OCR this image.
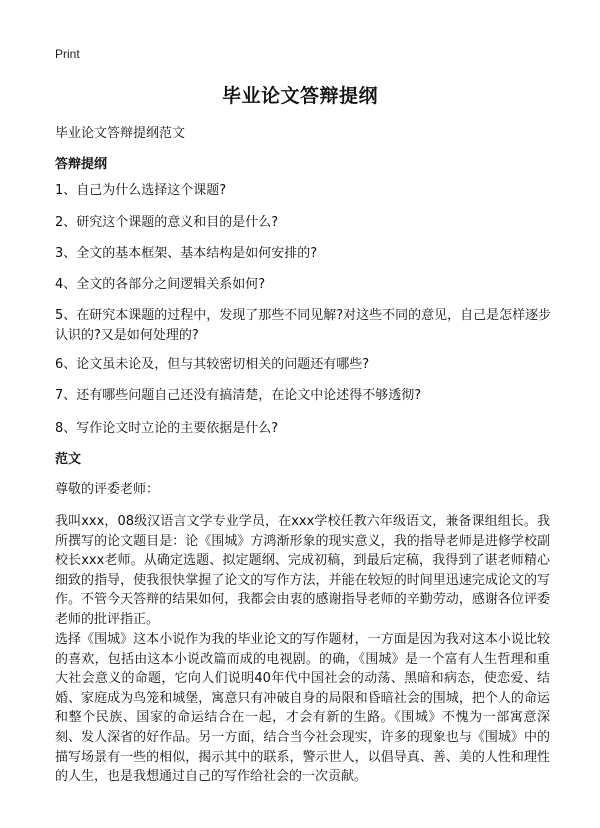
Print
毕业论文答辩提纲
毕业论文答辩提纲范文
答辩提纲
1、自己为什么选择这个课题?
2、研究这个课题的意义和目的是什么?
3、全文的基本框架、基本结构是如何安排的?
4、全文的各部分之间逻辑关系如何?
5、在研究本课题的过程中，发现了那些不同见解?对这些不同的意见，自己是怎样逐步认识的?又是如何处理的?
6、论文虽未论及，但与其较密切相关的问题还有哪些?
7、还有哪些问题自己还没有搞清楚，在论文中论述得不够透彻?
8、写作论文时立论的主要依据是什么?
范文
尊敬的评委老师：

我叫xxx，08级汉语言文学专业学员，在xxx学校任教六年级语文，兼备课组组长。我所撰写的论文题目是：论《围城》方鸿渐形象的现实意义，我的指导老师是进修学校副校长xxx老师。从确定选题、拟定题纲、完成初稿，到最后定稿，我得到了谌老师精心细致的指导，使我很快掌握了论文的写作方法，并能在较短的时间里迅速完成论文的写作。不管今天答辩的结果如何，我都会由衷的感谢指导老师的辛勤劳动，感谢各位评委老师的批评指正。

选择《围城》这本小说作为我的毕业论文的写作题材，一方面是因为我对这本小说比较的喜欢，包括由这本小说改篇而成的电视剧。的确，《围城》是一个富有人生哲理和重大社会意义的命题，它向人们说明40年代中国社会的动荡、黑暗和病态，使恋爱、结婚、家庭成为鸟笼和城堡，寓意只有冲破自身的局限和昏暗社会的围城，把个人的命运和整个民族、国家的命运结合在一起，才会有新的生路。《围城》不愧为一部寓意深刻、发人深省的好作品。另一方面，结合当今社会现实，许多的现象也与《围城》中的描写场景有一些的相似，揭示其中的联系，警示世人，以倡导真、善、美的人性和理性的人生，也是我想通过自己的写作给社会的一次贡献。
